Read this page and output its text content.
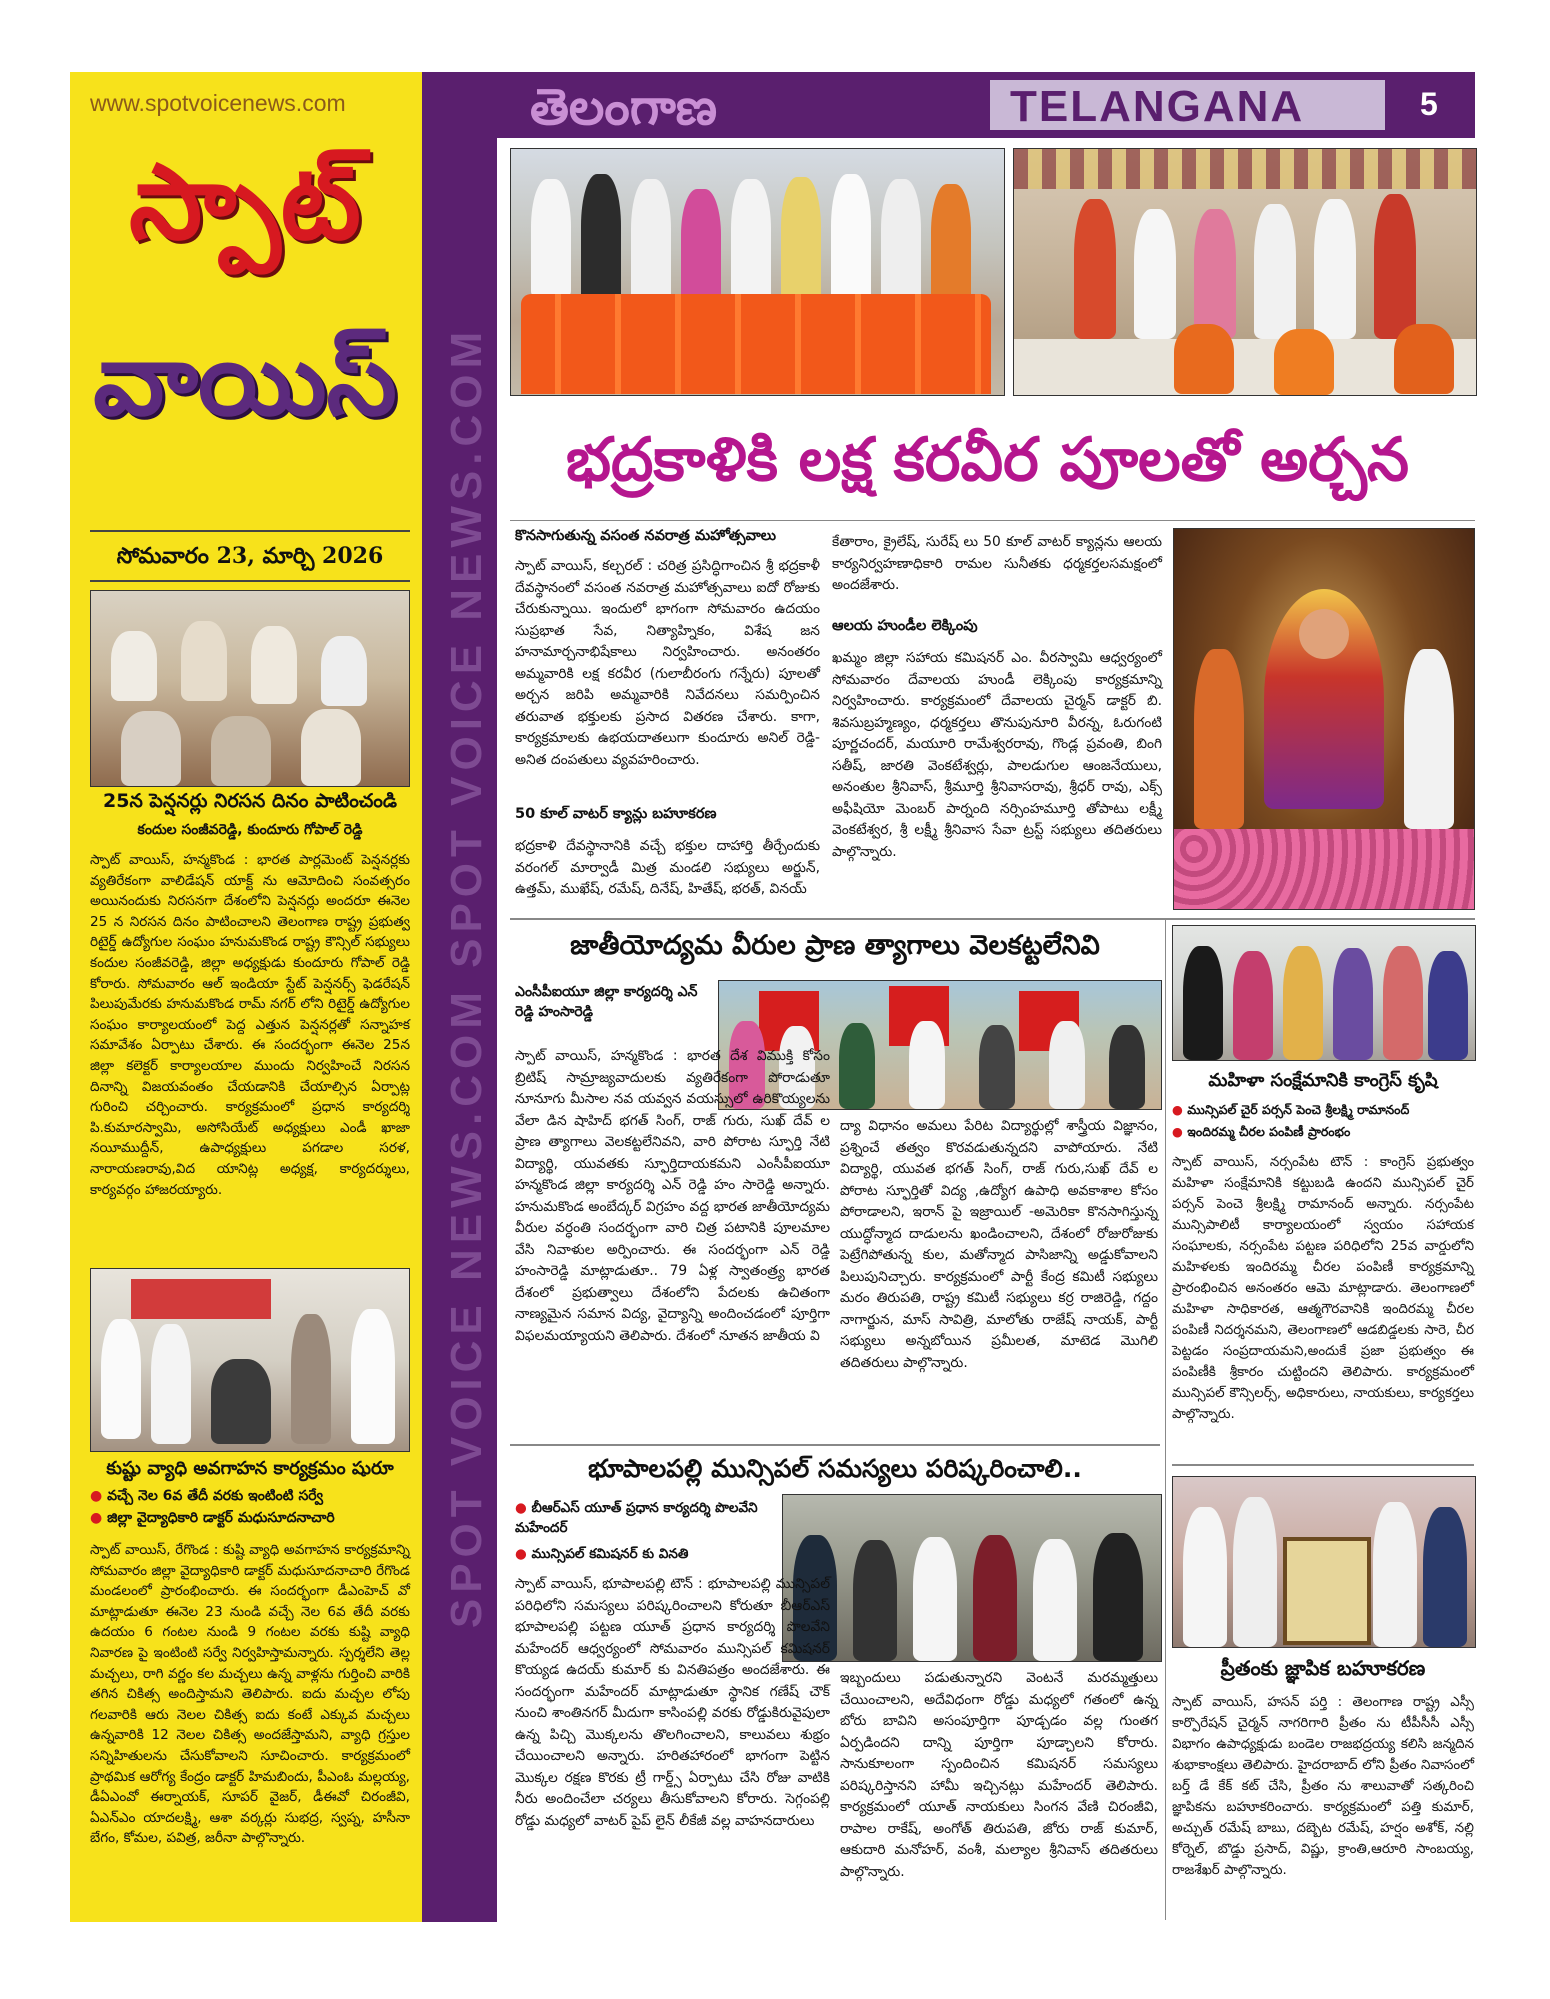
SPOT VOICE NEWS.COM SPOT VOICE NEWS.COM
www.spotvoicenews.com
స్పాట్
వాయిస్
సోమవారం 23, మార్చి 2026
25న పెన్షనర్లు నిరసన దినం పాటించండి
కందుల సంజీవరెడ్డి, కుందూరు గోపాల్ రెడ్డి
స్పాట్ వాయిస్, హన్మకొండ : భారత పార్లమెంట్ పెన్షనర్లకు వ్యతిరేకంగా వాలిడేషన్ యాక్ట్ ను ఆమోదించి సంవత్సరం అయినందుకు నిరసనగా దేశంలోని పెన్షనర్లు అందరూ ఈనెల 25 న నిరసన దినం పాటించాలని తెలంగాణ రాష్ట్ర ప్రభుత్వ రిటైర్డ్ ఉద్యోగుల సంఘం హనుమకొండ రాష్ట్ర కౌన్సిల్ సభ్యులు కందుల సంజీవరెడ్డి, జిల్లా అధ్యక్షుడు కుందూరు గోపాల్ రెడ్డి కోరారు. సోమవారం ఆల్ ఇండియా స్టేట్ పెన్షనర్స్ ఫెడరేషన్ పిలుపుమేరకు హనుమకొండ రామ్ నగర్ లోని రిటైర్డ్ ఉద్యోగుల సంఘం కార్యాలయంలో పెద్ద ఎత్తున పెన్షనర్లతో సన్నాహక సమావేశం ఏర్పాటు చేశారు. ఈ సందర్భంగా ఈనెల 25న జిల్లా కలెక్టర్ కార్యాలయాల ముందు నిర్వహించే నిరసన దినాన్ని విజయవంతం చేయడానికి చేయాల్సిన ఏర్పాట్ల గురించి చర్చించారు. కార్యక్రమంలో ప్రధాన కార్యదర్శి పి.కుమారస్వామి, అసోసియేట్ అధ్యక్షులు ఎండీ ఖాజా నయీముద్దీన్, ఉపాధ్యక్షులు పగడాల సరళ, నారాయణరావు,విద యానిట్ల అధ్యక్ష, కార్యదర్శులు, కార్యవర్గం హాజరయ్యారు.
కుష్టు వ్యాధి అవగాహన కార్యక్రమం షురూ
● వచ్చే నెల 6వ తేదీ వరకు ఇంటింటి సర్వే
● జిల్లా వైద్యాధికారి డాక్టర్ మధుసూదనాచారి
స్పాట్ వాయిస్, రేగొండ : కుష్టి వ్యాధి అవగాహన కార్యక్రమాన్ని సోమవారం జిల్లా వైద్యాధికారి డాక్టర్ మధుసూదనాచారి రేగొండ మండలంలో ప్రారంభించారు. ఈ సందర్భంగా డీఎంహెచ్ వో మాట్లాడుతూ ఈనెల 23 నుండి వచ్చే నెల 6వ తేదీ వరకు ఉదయం 6 గంటల నుండి 9 గంటల వరకు కుష్టి వ్యాధి నివారణ పై ఇంటింటి సర్వే నిర్వహిస్తామన్నారు. స్పర్శలేని తెల్ల మచ్చలు, రాగి వర్ణం కల మచ్చలు ఉన్న వాళ్లను గుర్తించి వారికి తగిన చికిత్స అందిస్తామని తెలిపారు. ఐదు మచ్చల లోపు గలవారికి ఆరు నెలల చికిత్స ఐదు కంటే ఎక్కువ మచ్చలు ఉన్నవారికి 12 నెలల చికిత్స అందజేస్తామని, వ్యాధి గ్రస్తుల సన్నిహితులను చేసుకోవాలని సూచించారు. కార్యక్రమంలో ప్రాథమిక ఆరోగ్య కేంద్రం డాక్టర్ హిమబిందు, పీఎంఓ మల్లయ్య, డీఏఎంవో ఈర్నాయక్, సూపర్ వైజర్, డీఈవో చిరంజీవి, ఏఎన్ఎం యాదలక్ష్మి, ఆశా వర్కర్లు సుభద్ర, స్వప్న, హసీనా బేగం, కోమల, పవిత్ర, జరీనా పాల్గొన్నారు.
తెలంగాణ	TELANGANA	5
భద్రకాళికి లక్ష కరవీర పూలతో అర్చన
కొనసాగుతున్న వసంత నవరాత్ర మహోత్సవాలు
స్పాట్ వాయిస్, కల్చరల్ : చరిత్ర ప్రసిద్ధిగాంచిన శ్రీ భద్రకాళీ దేవస్థానంలో వసంత నవరాత్ర మహోత్సవాలు ఐదో రోజుకు చేరుకున్నాయి. ఇందులో భాగంగా సోమవారం ఉదయం సుప్రభాత సేవ, నిత్యాహ్నికం, విశేష జన హనామార్చనాభిషేకాలు నిర్వహించారు. అనంతరం అమ్మవారికి లక్ష కరవీర (గులాబీరంగు గన్నేరు) పూలతో అర్చన జరిపి అమ్మవారికి నివేదనలు సమర్పించిన తరువాత భక్తులకు ప్రసాద వితరణ చేశారు. కాగా, కార్యక్రమాలకు ఉభయదాతలుగా కుందూరు అనిల్ రెడ్డి-అనిత దంపతులు వ్యవహరించారు.
50 కూల్ వాటర్ క్యాన్లు బహూకరణ
భద్రకాళి దేవస్థానానికి వచ్చే భక్తుల దాహార్తి తీర్చేందుకు వరంగల్ మార్వాడీ మిత్ర మండలి సభ్యులు అర్జున్, ఉత్తమ్, ముఖేష్, రమేష్, దినేష్, హితేష్, భరత్, వినయ్
కేతారాం, క్రైలేష్, సురేష్ లు 50 కూల్ వాటర్ క్యాన్లను ఆలయ కార్యనిర్వహణాధికారి రామల సునీతకు ధర్మకర్తలసమక్షంలో అందజేశారు.
ఆలయ హుండీల లెక్కింపు
ఖమ్మం జిల్లా సహాయ కమిషనర్ ఎం. వీరస్వామి ఆధ్వర్యంలో సోమవారం దేవాలయ హుండీ లెక్కింపు కార్యక్రమాన్ని నిర్వహించారు. కార్యక్రమంలో దేవాలయ చైర్మన్ డాక్టర్ బి. శివసుబ్రహ్మణ్యం, ధర్మకర్తలు తొనుపునూరి వీరన్న, ఓరుగంటి పూర్ణచందర్, మయూరి రామేశ్వరరావు, గొండ్ల ప్రవంతి, బింగి సతీష్, జారతి వెంకటేశ్వర్లు, పాలడుగుల ఆంజనేయులు, అనంతుల శ్రీనివాస్, శ్రీమూర్తి శ్రీనివాసరావు, శ్రీధర్ రావు, ఎక్స్ అఫీషియో మెంబర్ పార్నంది నర్సింహమూర్తి తోపాటు లక్ష్మీ వెంకటేశ్వర, శ్రీ లక్ష్మీ శ్రీనివాస సేవా ట్రస్ట్ సభ్యులు తదితరులు పాల్గొన్నారు.
జాతీయోద్యమ వీరుల ప్రాణ త్యాగాలు వెలకట్టలేనివి
ఎంసీపీఐయూ జిల్లా కార్యదర్శి ఎన్ రెడ్డి హంసారెడ్డి
స్పాట్ వాయిస్, హన్మకొండ : భారత దేశ విముక్తి కోసం బ్రిటిష్ సామ్రాజ్యవాదులకు వ్యతిరేకంగా పోరాడుతూ నూనూగు మీసాల నవ యవ్వన వయస్సులో ఉరికొయ్యలను వేలా డిన షాహిద్ భగత్ సింగ్, రాజ్ గురు, సుఖ్ దేవ్ ల ప్రాణ త్యాగాలు వెలకట్టలేనివని, వారి పోరాట స్ఫూర్తి నేటి విద్యార్థి, యువతకు స్ఫూర్తిదాయకమని ఎంసీపీఐయూ హన్మకొండ జిల్లా కార్యదర్శి ఎన్ రెడ్డి హం సారెడ్డి అన్నారు. హనుమకొండ అంబేద్కర్ విగ్రహం వద్ద భారత జాతీయోద్యమ వీరుల వర్ధంతి సందర్భంగా వారి చిత్ర పటానికి పూలమాల వేసి నివాళుల అర్పించారు. ఈ సందర్భంగా ఎన్ రెడ్డి హంసారెడ్డి మాట్లాడుతూ.. 79 ఏళ్ల స్వాతంత్ర్య భారత దేశంలో ప్రభుత్వాలు దేశంలోని పేదలకు ఉచితంగా నాణ్యమైన సమాన విద్య, వైద్యాన్ని అందించడంలో పూర్తిగా విఫలమయ్యాయని తెలిపారు. దేశంలో నూతన జాతీయ వి
ద్యా విధానం అమలు పేరిట విద్యార్థుల్లో శాస్త్రీయ విజ్ఞానం, ప్రశ్నించే తత్వం కొరవడుతున్నదని వాపోయారు. నేటి విద్యార్థి, యువత భగత్ సింగ్, రాజ్ గురు,సుఖ్ దేవ్ ల పోరాట స్ఫూర్తితో విద్య ,ఉద్యోగ ఉపాధి అవకాశాల కోసం పోరాడాలని, ఇరాన్ పై ఇజ్రాయిల్ -అమెరికా కొనసాగిస్తున్న యుద్ధోన్మాద దాడులను ఖండించాలని, దేశంలో రోజురోజుకు పెట్రేగిపోతున్న కుల, మతోన్మాద పాసిజాన్ని అడ్డుకోవాలని పిలుపునిచ్చారు. కార్యక్రమంలో పార్టీ కేంద్ర కమిటీ సభ్యులు మరం తిరుపతి, రాష్ట్ర కమిటీ సభ్యులు కర్ర రాజిరెడ్డి, గద్దం నాగార్జున, మాస్ సావిత్రి, మాలోతు రాజేష్ నాయక్, పార్టీ సభ్యులు అన్నబోయిన ప్రమీలత, మాటెడ మొగిలి తదితరులు పాల్గొన్నారు.
భూపాలపల్లి మున్సిపల్ సమస్యలు పరిష్కరించాలి..
● బీఆర్ఎస్ యూత్ ప్రధాన కార్యదర్శి పొలవేని మహేందర్
● మున్సిపల్ కమిషనర్ కు వినతి
స్పాట్ వాయిస్, భూపాలపల్లి టౌన్ : భూపాలపల్లి మున్సిపల్ పరిధిలోని సమస్యలు పరిష్కరించాలని కోరుతూ బీఆర్ఎస్ భూపాలపల్లి పట్టణ యూత్ ప్రధాన కార్యదర్శి పొలవేని మహేందర్ ఆధ్వర్యంలో సోమవారం మున్సిపల్ కమిషనర్ కొయ్యడ ఉదయ్ కుమార్ కు వినతిపత్రం అందజేశారు. ఈ సందర్భంగా మహేందర్ మాట్లాడుతూ స్థానిక గణేష్ చౌక్ నుంచి శాంతినగర్ మీదుగా కాసింపల్లి వరకు రోడ్డుకిరువైపులా ఉన్న పిచ్చి మొక్కలను తొలగించాలని, కాలువలు శుభ్రం చేయించాలని అన్నారు. హరితహారంలో భాగంగా పెట్టిన మొక్కల రక్షణ కొరకు ట్రీ గార్డ్స్ ఏర్పాటు చేసి రోజు వాటికి నీరు అందించేలా చర్యలు తీసుకోవాలని కోరారు. సెగ్గంపల్లి రోడ్డు మధ్యలో వాటర్ పైప్ లైన్ లీకేజీ వల్ల వాహనదారులు
ఇబ్బందులు పడుతున్నారని వెంటనే మరమ్మత్తులు చేయించాలని, అదేవిధంగా రోడ్డు మధ్యలో గతంలో ఉన్న బోరు బావిని అసంపూర్తిగా పూడ్చడం వల్ల గుంతగ ఏర్పడిందని దాన్ని పూర్తిగా పూడ్చాలని కోరారు. సానుకూలంగా స్పందించిన కమిషనర్ సమస్యలు పరిష్కరిస్తానని హామీ ఇచ్చినట్లు మహేందర్ తెలిపారు. కార్యక్రమంలో యూత్ నాయకులు సింగన వేణి చిరంజీవి, రాపాల రాకేష్, అంగోత్ తిరుపతి, జోరు రాజ్ కుమార్, ఆకుదారి మనోహర్, వంశీ, మల్యాల శ్రీనివాస్ తదితరులు పాల్గొన్నారు.
మహిళా సంక్షేమానికి కాంగ్రెస్ కృషి
● మున్సిపల్ చైర్ పర్సన్ పెంచె శ్రీలక్ష్మి రామానంద్
● ఇందిరమ్మ చీరల పంపిణీ ప్రారంభం
స్పాట్ వాయిస్, నర్సంపేట టౌన్ : కాంగ్రెస్ ప్రభుత్వం మహిళా సంక్షేమానికి కట్టుబడి ఉందని మున్సిపల్ చైర్ పర్సన్ పెంచె శ్రీలక్ష్మి రామానంద్ అన్నారు. నర్సంపేట మున్సిపాలిటీ కార్యాలయంలో స్వయం సహాయక సంఘాలకు, నర్సంపేట పట్టణ పరిధిలోని 25వ వార్డులోని మహిళలకు ఇందిరమ్మ చీరల పంపిణీ కార్యక్రమాన్ని ప్రారంభించిన అనంతరం ఆమె మాట్లాడారు. తెలంగాణలో మహిళా సాధికారత, ఆత్మగౌరవానికి ఇందిరమ్మ చీరల పంపిణీ నిదర్శనమని, తెలంగాణలో ఆడబిడ్డలకు సారె, చీర పెట్టడం సంప్రదాయమని,అందుకే ప్రజా ప్రభుత్వం ఈ పంపిణీకి శ్రీకారం చుట్టిందని తెలిపారు. కార్యక్రమంలో మున్సిపల్ కౌన్సిలర్స్, అధికారులు, నాయకులు, కార్యకర్తలు పాల్గొన్నారు.
ప్రీతంకు జ్ఞాపిక బహూకరణ
స్పాట్ వాయిస్, హసన్ పర్తి : తెలంగాణ రాష్ట్ర ఎస్సీ కార్పొరేషన్ చైర్మన్ నాగరిగారి ప్రీతం ను టీపీసీసీ ఎస్సీ విభాగం ఉపాధ్యక్షుడు బండెల రాజభద్రయ్య కలిసి జన్మదిన శుభాకాంక్షలు తెలిపారు. హైదరాబాద్ లోని ప్రీతం నివాసంలో బర్త్ డే కేక్ కట్ చేసి, ప్రీతం ను శాలువాతో సత్కరించి జ్ఞాపికను బహూకరించారు. కార్యక్రమంలో పత్తి కుమార్, అచ్చుత్ రమేష్ బాబు, దబ్బెట రమేష్, హర్షం అశోక్, నల్లి కోర్నెల్, బొడ్డు ప్రసాద్, విష్ణు, క్రాంతి,ఆరూరి సాంబయ్య, రాజశేఖర్ పాల్గొన్నారు.
